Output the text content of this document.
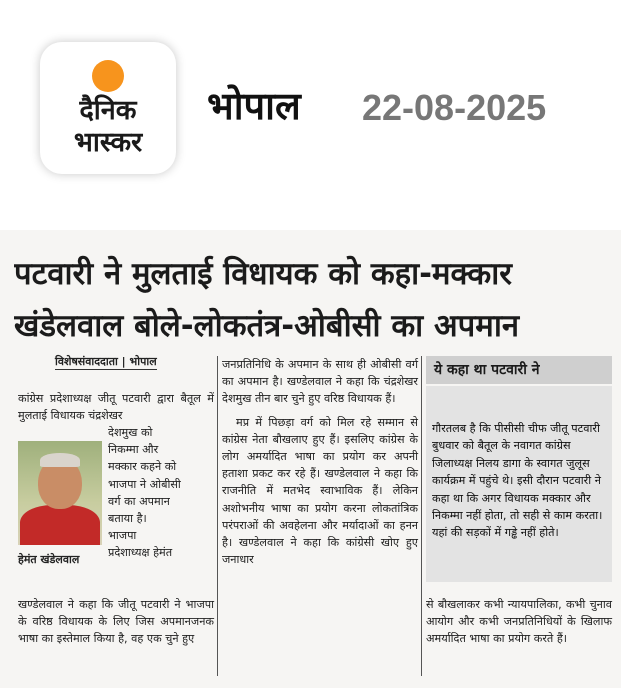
दैनिक
भास्कर
भोपाल 22-08-2025
पटवारी ने मुलताई विधायक को कहा-मक्कार
खंडेलवाल बोले-लोकतंत्र-ओबीसी का अपमान
विशेषसंवाददाता | भोपाल
कांग्रेस प्रदेशाध्यक्ष जीतू पटवारी द्वारा बैतूल में मुलताई विधायक चंद्रशेखर

देशमुख को

निकम्मा और

मक्कार कहने को

भाजपा ने ओबीसी

वर्ग का अपमान

बताया है।

भाजपा

प्रदेशाध्यक्ष हेमंत

हेमंत खंडेलवाल
खण्डेलवाल ने कहा कि जीतू पटवारी ने भाजपा के वरिष्ठ विधायक के लिए जिस अपमानजनक भाषा का इस्तेमाल किया है, वह एक चुने हुए

जनप्रतिनिधि के अपमान के साथ ही ओबीसी वर्ग का अपमान है। खण्डेलवाल ने कहा कि चंद्रशेखर देशमुख तीन बार चुने हुए वरिष्ठ विधायक हैं।

मप्र में पिछड़ा वर्ग को मिल रहे सम्मान से कांग्रेस नेता बौखलाए हुए हैं। इसलिए कांग्रेस के लोग अमर्यादित भाषा का प्रयोग कर अपनी हताशा प्रकट कर रहे हैं। खण्डेलवाल ने कहा कि राजनीति में मतभेद स्वाभाविक हैं। लेकिन अशोभनीय भाषा का प्रयोग करना लोकतांत्रिक परंपराओं की अवहेलना और मर्यादाओं का हनन है। खण्डेलवाल ने कहा कि कांग्रेसी खोए हुए जनाधार

ये कहा था पटवारी ने
गौरतलब है कि पीसीसी चीफ जीतू पटवारी बुधवार को बैतूल के नवागत कांग्रेस जिलाध्यक्ष निलय डागा के स्वागत जुलूस कार्यक्रम में पहुंचे थे। इसी दौरान पटवारी ने कहा था कि अगर विधायक मक्कार और निकम्मा नहीं होता, तो सही से काम करता। यहां की सड़कों में गड्ढे नहीं होते।
से बौखलाकर कभी न्यायपालिका, कभी चुनाव आयोग और कभी जनप्रतिनिधियों के खिलाफ अमर्यादित भाषा का प्रयोग करते हैं।
